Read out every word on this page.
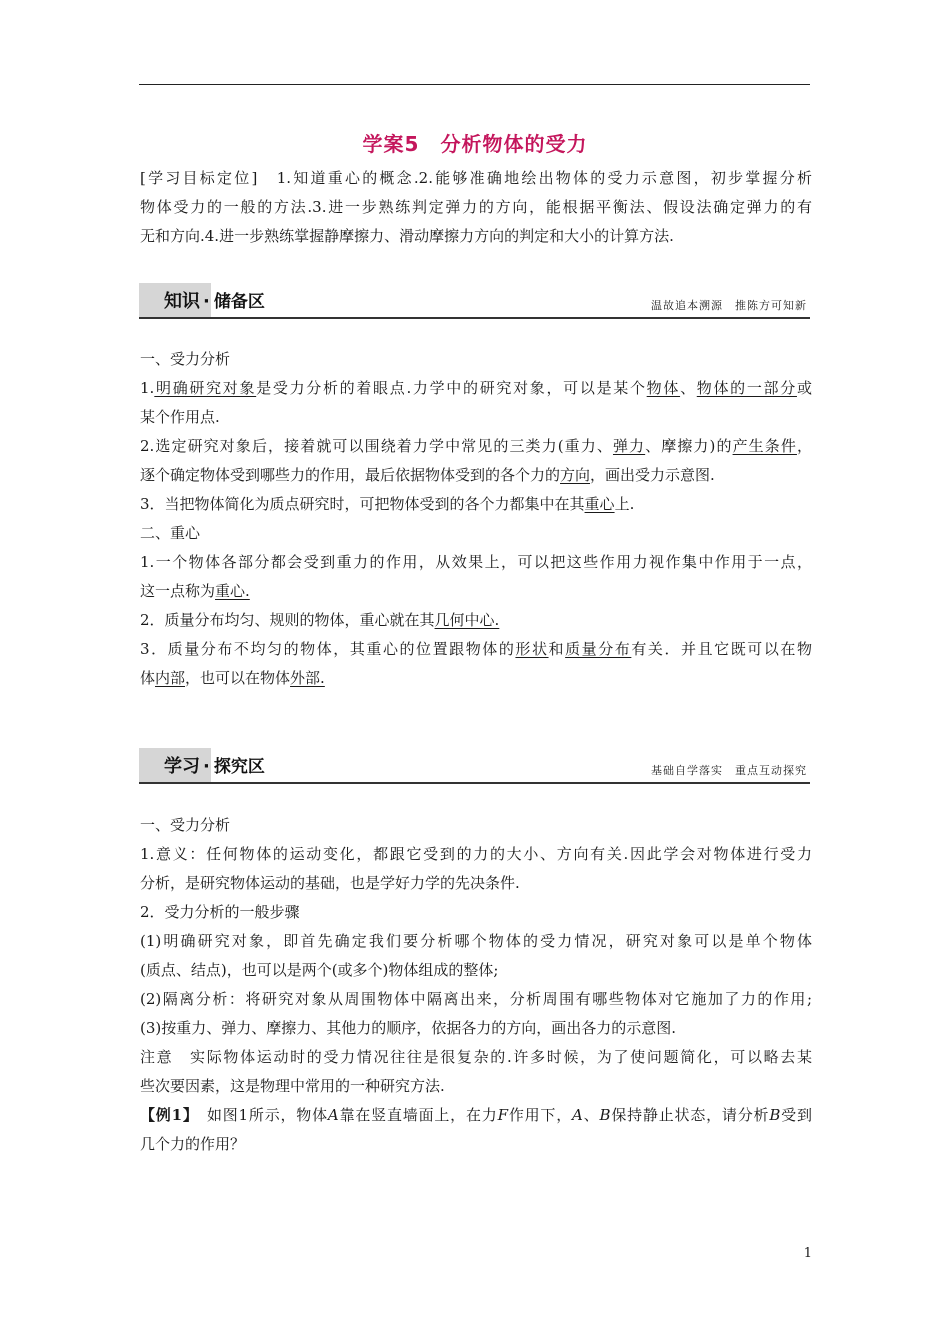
学案5　分析物体的受力
[学习目标定位]　1.知道重心的概念.2.能够准确地绘出物体的受力示意图，初步掌握分析
物体受力的一般的方法.3.进一步熟练判定弹力的方向，能根据平衡法、假设法确定弹力的有
无和方向.4.进一步熟练掌握静摩擦力、滑动摩擦力方向的判定和大小的计算方法.
知识 · 储备区	温故追本溯源　推陈方可知新
一、受力分析
1.明确研究对象是受力分析的着眼点.力学中的研究对象，可以是某个物体、物体的一部分或
某个作用点.
2.选定研究对象后，接着就可以围绕着力学中常见的三类力(重力、弹力、摩擦力)的产生条件，
逐个确定物体受到哪些力的作用，最后依据物体受到的各个力的方向，画出受力示意图.
3．当把物体简化为质点研究时，可把物体受到的各个力都集中在其重心上.
二、重心
1.一个物体各部分都会受到重力的作用，从效果上，可以把这些作用力视作集中作用于一点，
这一点称为重心.
2．质量分布均匀、规则的物体，重心就在其几何中心.
3．质量分布不均匀的物体，其重心的位置跟物体的形状和质量分布有关．并且它既可以在物
体内部，也可以在物体外部.
学习 · 探究区	基础自学落实　重点互动探究
一、受力分析
1.意义：任何物体的运动变化，都跟它受到的力的大小、方向有关.因此学会对物体进行受力
分析，是研究物体运动的基础，也是学好力学的先决条件.
2．受力分析的一般步骤
(1)明确研究对象，即首先确定我们要分析哪个物体的受力情况，研究对象可以是单个物体
(质点、结点)，也可以是两个(或多个)物体组成的整体;
(2)隔离分析：将研究对象从周围物体中隔离出来，分析周围有哪些物体对它施加了力的作用;
(3)按重力、弹力、摩擦力、其他力的顺序，依据各力的方向，画出各力的示意图.
注意　实际物体运动时的受力情况往往是很复杂的.许多时候，为了使问题简化，可以略去某
些次要因素，这是物理中常用的一种研究方法.
【例1】　如图1所示，物体A靠在竖直墙面上，在力F作用下，A、B保持静止状态，请分析B受到
几个力的作用？
1
